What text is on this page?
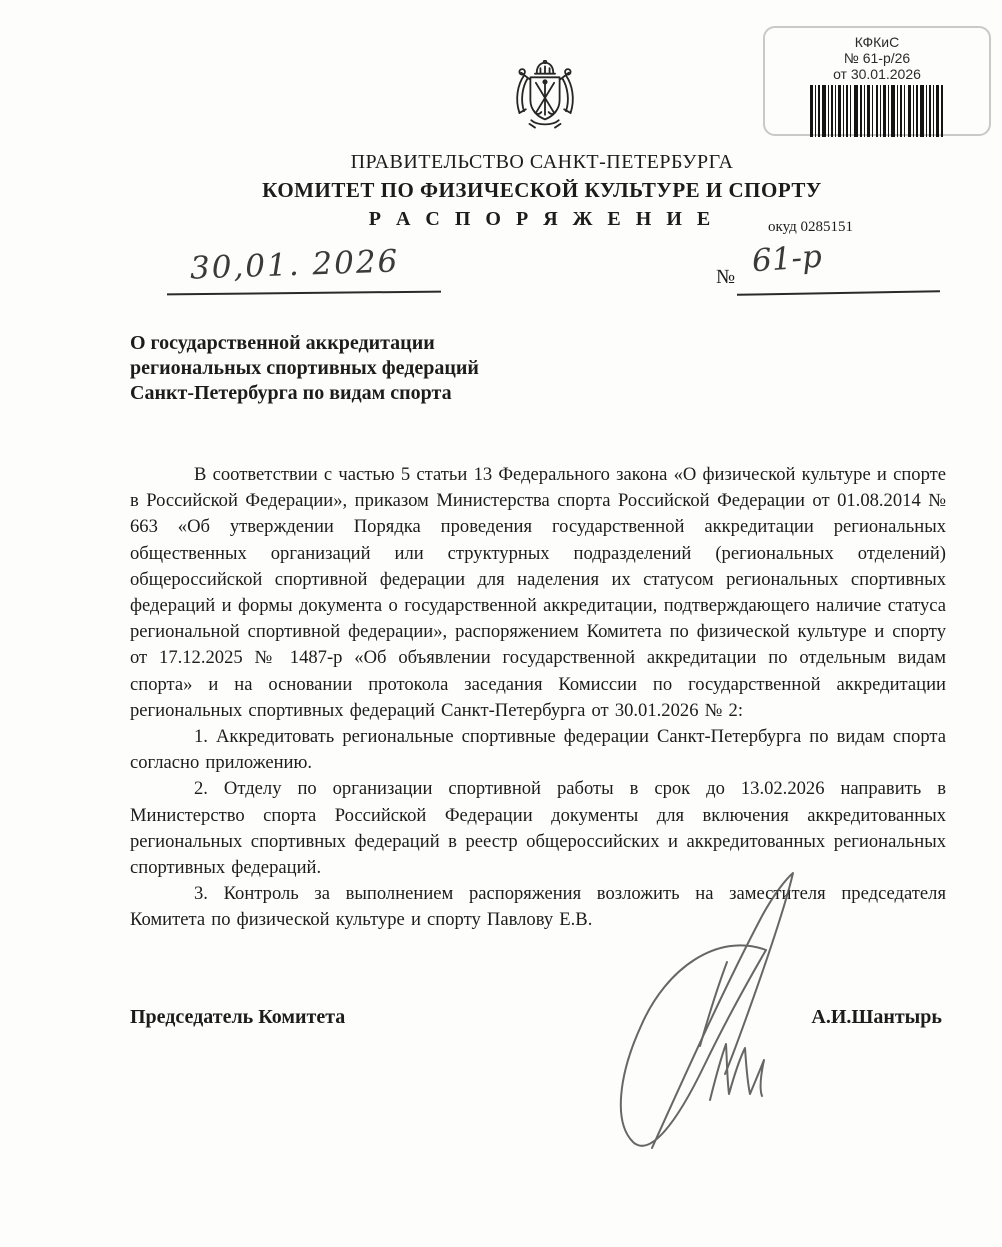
КФКиС
№ 61-р/26
от 30.01.2026
ПРАВИТЕЛЬСТВО САНКТ-ПЕТЕРБУРГА
КОМИТЕТ ПО ФИЗИЧЕСКОЙ КУЛЬТУРЕ И СПОРТУ
Р А С П О Р Я Ж Е Н И Е	окуд 0285151
30,01. 2026	№ 61-р
О государственной аккредитации
региональных спортивных федераций
Санкт-Петербурга по видам спорта

В соответствии с частью 5 статьи 13 Федерального закона «О физической культуре и спорте в Российской Федерации», приказом Министерства спорта Российской Федерации от 01.08.2014 № 663 «Об утверждении Порядка проведения государственной аккредитации региональных общественных организаций или структурных подразделений (региональных отделений) общероссийской спортивной федерации для наделения их статусом региональных спортивных федераций и формы документа о государственной аккредитации, подтверждающего наличие статуса региональной спортивной федерации», распоряжением Комитета по физической культуре и спорту от 17.12.2025 № 1487-р «Об объявлении государственной аккредитации по отдельным видам спорта» и на основании протокола заседания Комиссии по государственной аккредитации региональных спортивных федераций Санкт-Петербурга от 30.01.2026 № 2:

1. Аккредитовать региональные спортивные федерации Санкт-Петербурга по видам спорта согласно приложению.

2. Отделу по организации спортивной работы в срок до 13.02.2026 направить в Министерство спорта Российской Федерации документы для включения аккредитованных региональных спортивных федераций в реестр общероссийских и аккредитованных региональных спортивных федераций.

3. Контроль за выполнением распоряжения возложить на заместителя председателя Комитета по физической культуре и спорту Павлову Е.В.

Председатель Комитета	А.И.Шантырь
